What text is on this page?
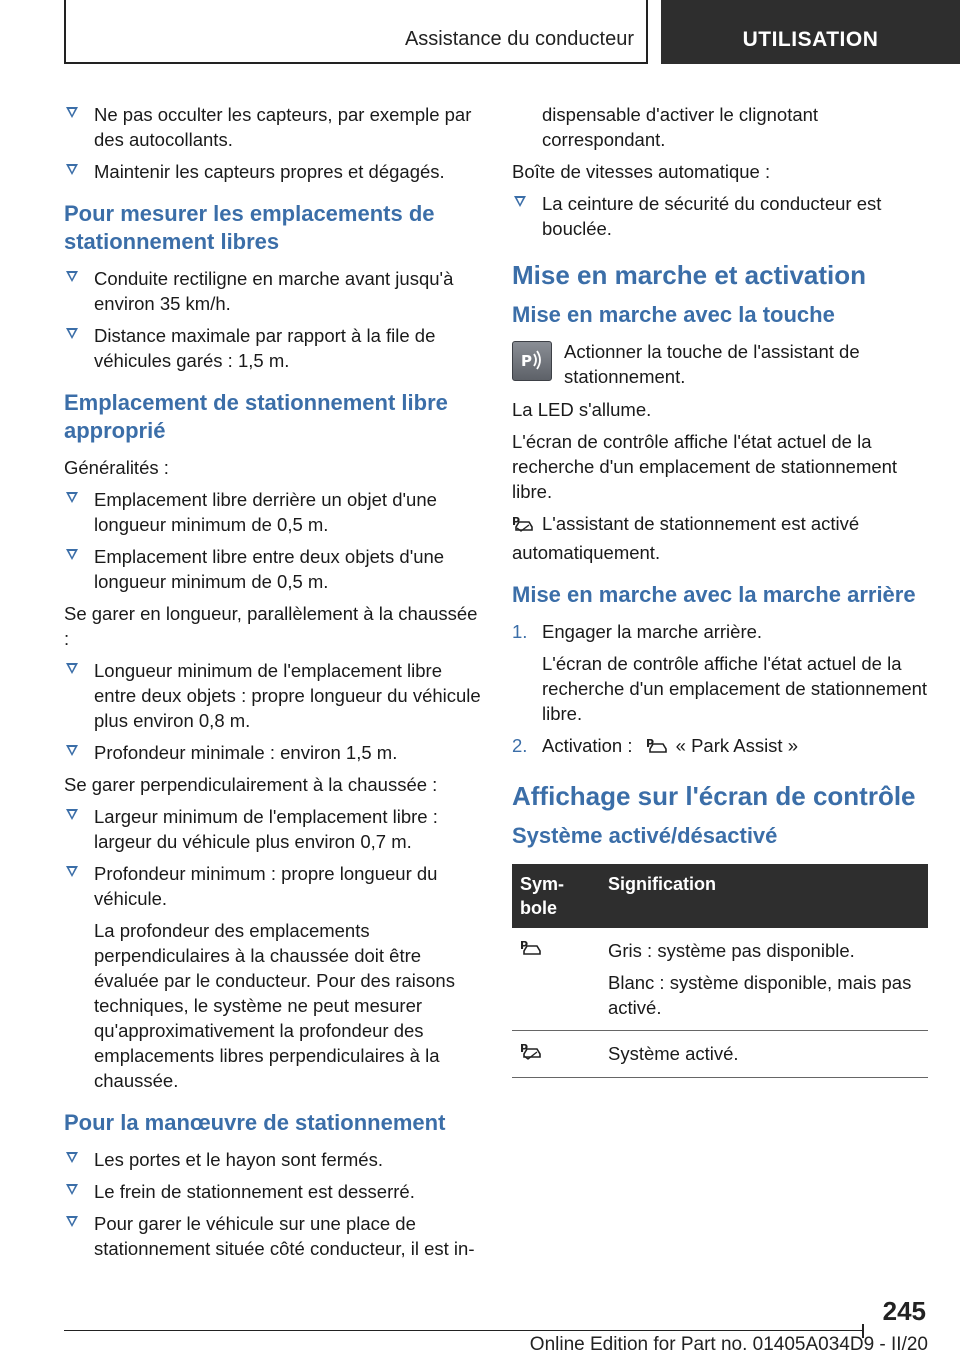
Assistance du conducteur	UTILISATION
Ne pas occulter les capteurs, par exemple par des autocollants.
Maintenir les capteurs propres et dégagés.
Pour mesurer les emplacements de stationnement libres
Conduite rectiligne en marche avant jusqu'à environ 35 km/h.
Distance maximale par rapport à la file de véhicules garés : 1,5 m.
Emplacement de stationnement libre approprié
Généralités :
Emplacement libre derrière un objet d'une longueur minimum de 0,5 m.
Emplacement libre entre deux objets d'une longueur minimum de 0,5 m.
Se garer en longueur, parallèlement à la chaussée :
Longueur minimum de l'emplacement libre entre deux objets : propre longueur du véhicule plus environ 0,8 m.
Profondeur minimale : environ 1,5 m.
Se garer perpendiculairement à la chaussée :
Largeur minimum de l'emplacement libre : largeur du véhicule plus environ 0,7 m.
Profondeur minimum : propre longueur du véhicule.
La profondeur des emplacements perpendiculaires à la chaussée doit être évaluée par le conducteur. Pour des raisons techniques, le système ne peut mesurer qu'approximativement la profondeur des emplacements libres perpendiculaires à la chaussée.
Pour la manœuvre de stationnement
Les portes et le hayon sont fermés.
Le frein de stationnement est desserré.
Pour garer le véhicule sur une place de stationnement située côté conducteur, il est in-
dispensable d'activer le clignotant correspondant.
Boîte de vitesses automatique :
La ceinture de sécurité du conducteur est bouclée.
Mise en marche et activation
Mise en marche avec la touche
P Actionner la touche de l'assistant de stationnement.
La LED s'allume.
L'écran de contrôle affiche l'état actuel de la recherche d'un emplacement de stationnement libre.
P L'assistant de stationnement est activé automatiquement.
Mise en marche avec la marche arrière
1. Engager la marche arrière.
L'écran de contrôle affiche l'état actuel de la recherche d'un emplacement de stationnement libre.
2. Activation : P « Park Assist »
Affichage sur l'écran de contrôle
Système activé/désactivé
Sym-
bole	Signification

P	Gris : système pas disponible.

Blanc : système disponible, mais pas activé.

P	Système activé.
245
Online Edition for Part no. 01405A034D9 - II/20
